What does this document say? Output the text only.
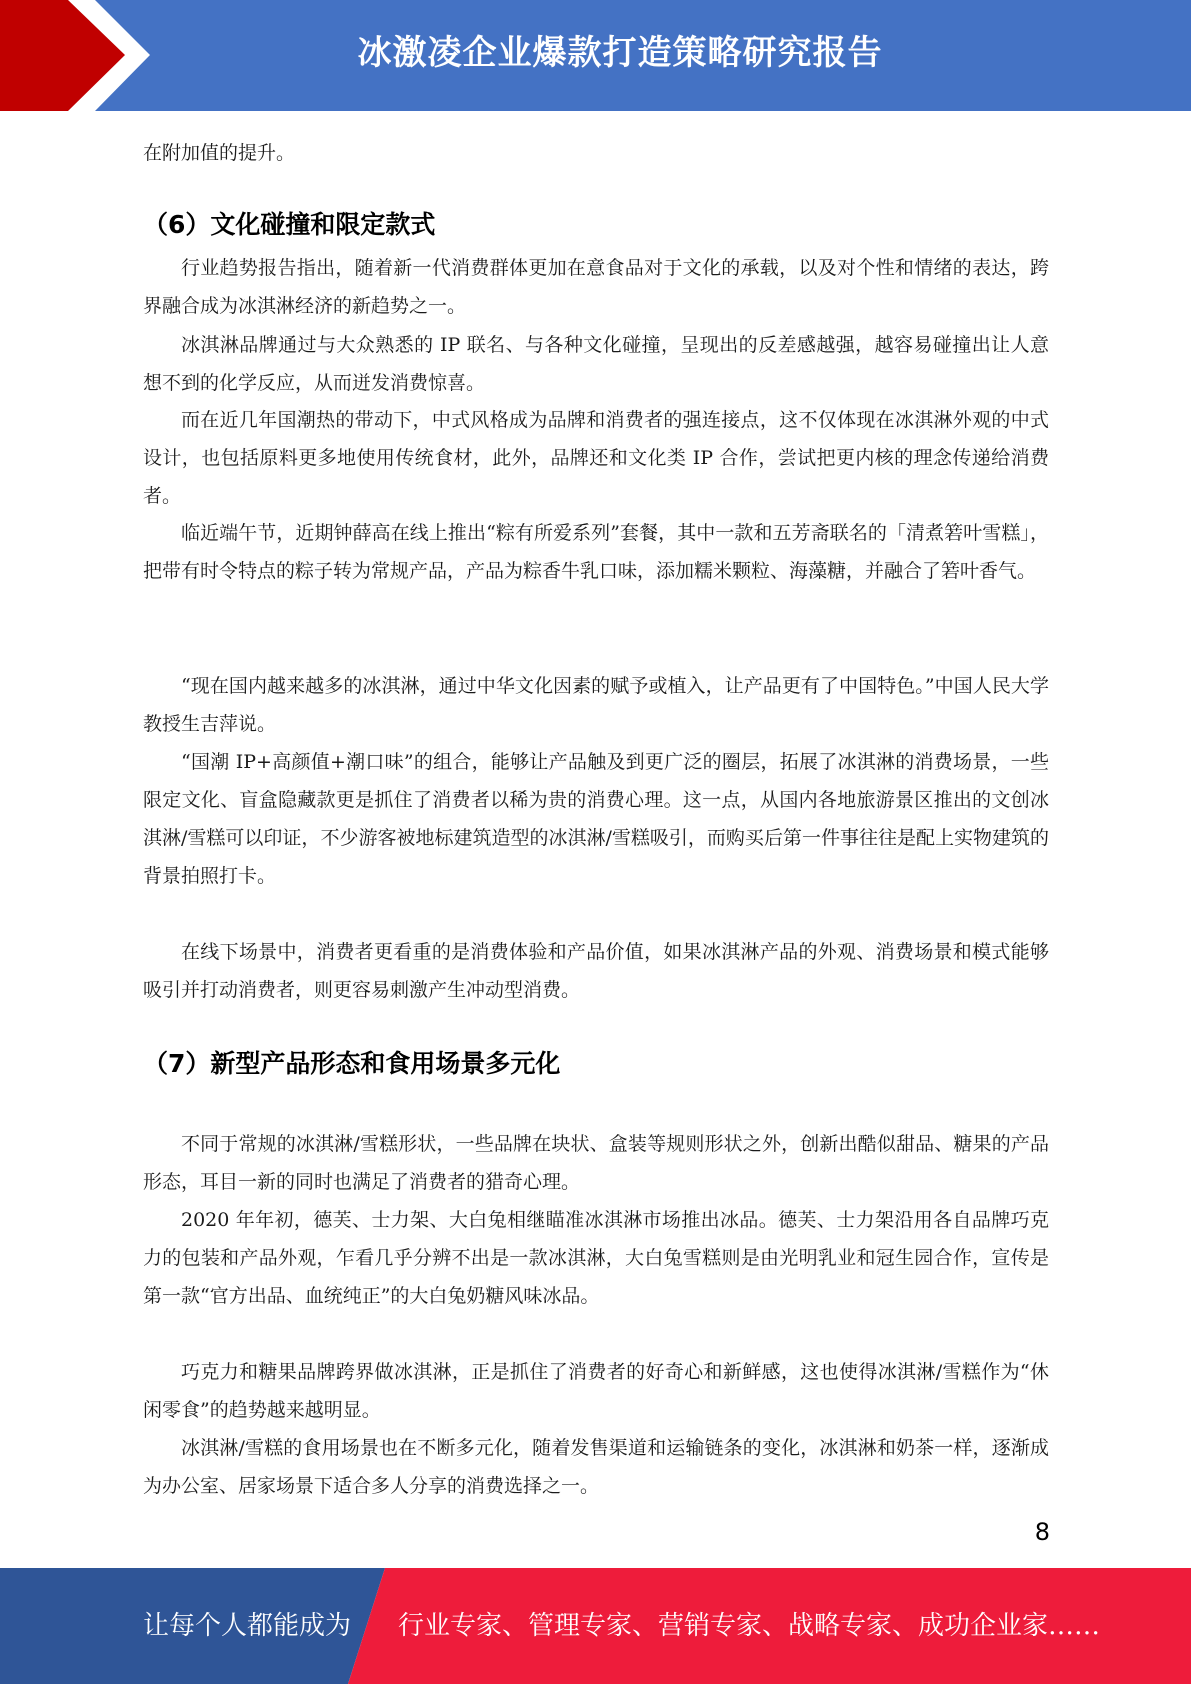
冰激凌企业爆款打造策略研究报告
在附加值的提升。
（6）文化碰撞和限定款式
行业趋势报告指出，随着新一代消费群体更加在意食品对于文化的承载，以及对个性和情绪的表达，跨界融合成为冰淇淋经济的新趋势之一。
冰淇淋品牌通过与大众熟悉的 IP 联名、与各种文化碰撞，呈现出的反差感越强，越容易碰撞出让人意想不到的化学反应，从而迸发消费惊喜。
而在近几年国潮热的带动下，中式风格成为品牌和消费者的强连接点，这不仅体现在冰淇淋外观的中式设计，也包括原料更多地使用传统食材，此外，品牌还和文化类 IP 合作，尝试把更内核的理念传递给消费者。
临近端午节，近期钟薛高在线上推出“粽有所爱系列”套餐，其中一款和五芳斋联名的「清煮箬叶雪糕」，把带有时令特点的粽子转为常规产品，产品为粽香牛乳口味，添加糯米颗粒、海藻糖，并融合了箬叶香气。
“现在国内越来越多的冰淇淋，通过中华文化因素的赋予或植入，让产品更有了中国特色。”中国人民大学教授生吉萍说。
“国潮 IP+高颜值+潮口味”的组合，能够让产品触及到更广泛的圈层，拓展了冰淇淋的消费场景，一些限定文化、盲盒隐藏款更是抓住了消费者以稀为贵的消费心理。这一点，从国内各地旅游景区推出的文创冰淇淋/雪糕可以印证，不少游客被地标建筑造型的冰淇淋/雪糕吸引，而购买后第一件事往往是配上实物建筑的背景拍照打卡。
在线下场景中，消费者更看重的是消费体验和产品价值，如果冰淇淋产品的外观、消费场景和模式能够吸引并打动消费者，则更容易刺激产生冲动型消费。
（7）新型产品形态和食用场景多元化
不同于常规的冰淇淋/雪糕形状，一些品牌在块状、盒装等规则形状之外，创新出酷似甜品、糖果的产品形态，耳目一新的同时也满足了消费者的猎奇心理。
2020 年年初，德芙、士力架、大白兔相继瞄准冰淇淋市场推出冰品。德芙、士力架沿用各自品牌巧克力的包装和产品外观，乍看几乎分辨不出是一款冰淇淋，大白兔雪糕则是由光明乳业和冠生园合作，宣传是第一款“官方出品、血统纯正”的大白兔奶糖风味冰品。
巧克力和糖果品牌跨界做冰淇淋，正是抓住了消费者的好奇心和新鲜感，这也使得冰淇淋/雪糕作为“休闲零食”的趋势越来越明显。
冰淇淋/雪糕的食用场景也在不断多元化，随着发售渠道和运输链条的变化，冰淇淋和奶茶一样，逐渐成为办公室、居家场景下适合多人分享的消费选择之一。
8
让每个人都能成为 行业专家、管理专家、营销专家、战略专家、成功企业家……
